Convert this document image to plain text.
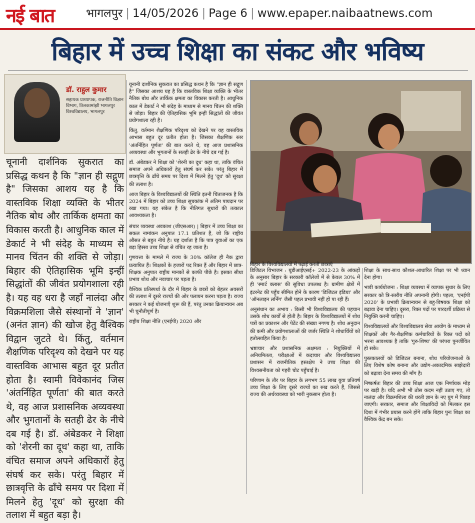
नई बात	भागलपुर | 14/05/2026 | Page 6 | www.epaper.naibaatnews.com
बिहार में उच्च शिक्षा का संकट और भविष्य
डॉ. राहुल कुमार
सहायक प्राध्यापक, राजनीति विज्ञान विभाग, तिलकामांझी भागलपुर विश्वविद्यालय, भागलपुर

चूनानी दार्शनिक सुकरात का प्रसिद्ध कथन है कि "ज्ञान ही सद्गुण है" जिसका आशय यह है कि वास्तविक शिक्षा व्यक्ति के भीतर नैतिक बोध और तार्किक क्षमता का विकास करती है। आधुनिक काल में डेकार्ट ने भी संदेह के माध्यम से मानव चिंतन की शक्ति से जोड़ा। बिहार की ऐतिहासिक भूमि इन्हीं सिद्धांतों की जीवंत प्रयोगशाला रही है। यह वह धरा है जहाँ नालंदा और विक्रमशिला जैसे संस्थानों ने 'ज्ञान' (अनंत ज्ञान) की खोज हेतु वैश्विक विद्वान जुटते थे। किंतु, वर्तमान शैक्षणिक परिदृश्य को देखने पर यह वास्तविक आभास बहुत दूर प्रतीत होता है। स्वामी विवेकानंद जिस 'अंतर्निहित पूर्णता' की बात करते थे, वह आज प्रशासनिक अव्यवस्था और भुगतानों के सतही ढेर के नीचे दब गई है। डॉ. अंबेडकर ने शिक्षा को 'शेरनी का दूध' कहा था, ताकि वंचित समाज अपने अधिकारों हेतु संघर्ष कर सके। परंतु बिहार में छात्रवृत्ति के ढाँचे समय पर दिशा में मिलने हेतु 'दूध' को सुरक्षा की तलाश में बहुत बड़ा है।

यूनानी दार्शनिक सुकरात का प्रसिद्ध कथन है कि "ज्ञान ही सद्गुण है" जिसका आशय यह है कि वास्तविक शिक्षा व्यक्ति के भीतर नैतिक बोध और तार्किक क्षमता का विकास करती है। आधुनिक काल में डेकार्ट ने भी संदेह के माध्यम से मानव चिंतन की शक्ति से जोड़ा। बिहार की ऐतिहासिक भूमि इन्हीं सिद्धांतों की जीवंत प्रयोगशाला रही है।

किंतु, वर्तमान शैक्षणिक परिदृश्य को देखने पर यह वास्तविक आभास बहुत दूर प्रतीत होता है। जिसका शैक्षणिक स्तर 'अंतर्निहित पूर्णता' की बात करते थे, वह आज प्रशासनिक अव्यवस्था और भुगतानों के सतही ढेर के नीचे दब गई है।

डॉ. अंबेडकर ने शिक्षा को 'शेरनी का दूध' कहा था, ताकि वंचित समाज अपने अधिकारों हेतु संघर्ष कर सके। परंतु बिहार में छात्रवृत्ति के ढाँचे समय पर दिशा में मिलने हेतु 'दूध' को सुरक्षा की तलाश है।

आज बिहार के विश्वविद्यालयों की स्थिति इतनी चिंताजनक है कि 2024 में बिहार को उच्च शिक्षा सूचकांक में अंतिम पायदान पर रखा गया। यह संकेत है कि नीतिगत सुधारों की तत्काल आवश्यकता है।

संचार व्यवस्था अवकाश (जीएसआर) | बिहार में उच्च शिक्षा का सकल नामांकन अनुपात 17.1 प्रतिशत है, जो कि राष्ट्रीय औसत से बहुत नीचे है। यह दर्शाता है कि पात्र युवाओं का एक बड़ा हिस्सा उच्च शिक्षा से वंचित रह जाता है।

गुणवत्ता के मामले में राज्य के 30% कॉलेज ही नैक द्वारा प्रत्यायित हैं। शिक्षकों के हजारों पद रिक्त हैं और बिहार में छात्र-शिक्षक अनुपात राष्ट्रीय मानकों से काफी पीछे है। इसका सीधा प्रभाव शोध और नवाचार पर पड़ता है।

वैश्विक प्रतिस्पर्धा के दौर में बिहार के छात्रों को बेहतर अवसरों की तलाश में दूसरे राज्यों की ओर पलायन करना पड़ता है। राज्य सरकार ने कई योजनाएँ शुरू की हैं, परंतु उनका क्रियान्वयन अब भी चुनौतीपूर्ण है।

राष्ट्रीय शिक्षा नीति (एनईपी) 2020 और

बिहार के विश्वविद्यालयों में पढ़ाई करतीं छात्राएँ

डिजिटल विभाजन : यूडीआईएसई+ 2022-23 के आंकड़ों के अनुसार बिहार के सरकारी कॉलेजों में से केवल 30% में ही 'स्मार्ट क्लास' की सुविधा उपलब्ध है। ग्रामीण क्षेत्रों में इंटरनेट की पहुँच सीमित होने के कारण 'डिजिटल इंडिया' और 'ऑनलाइन लर्निंग' जैसी पहल प्रभावी नहीं हो पा रही हैं।

अनुसंधान का अभाव : किसी भी विश्वविद्यालय की पहचान उसके शोध कार्यों से होती है। बिहार के विश्वविद्यालयों में शोध पत्रों का प्रकाशन और पेटेंट की संख्या नगण्य है। शोध अनुदान की कमी और प्रयोगशालाओं की जर्जर स्थिति ने शोधार्थियों को हतोत्साहित किया है।

भ्रष्टाचार और प्रशासनिक अक्षमता : नियुक्तियों में अनियमितता, परीक्षाओं में कदाचार और विश्वविद्यालय प्रशासन में राजनीतिक हस्तक्षेप ने उच्च शिक्षा की विश्वसनीयता को गहरी चोट पहुँचाई है।

परिणाम के तौर पर बिहार के लगभग 55 लाख युवा प्रतिवर्ष उच्च शिक्षा के लिए दूसरे राज्यों का रुख करते हैं, जिससे राज्य की अर्थव्यवस्था को भारी नुकसान होता है।

शिक्षा के साथ-साथ कौशल-आधारित शिक्षा पर भी ध्यान देना होगा।

भावी कार्ययोजना : शिक्षा व्यवस्था में व्यापक सुधार के लिए सरकार को त्रि-स्तरीय नीति अपनानी होगी। पहला, 'एनईपी 2020' के प्रभावी क्रियान्वयन से बहु-विषयक शिक्षा को बढ़ावा देना चाहिए। दूसरा, रिक्त पदों पर पारदर्शी प्रक्रिया से नियुक्ति करनी चाहिए।

विश्वविद्यालयों और विश्वविद्यालय सेवा आयोग के माध्यम से शिक्षकों और गैर-शैक्षणिक कर्मचारियों के रिक्त पदों को भरना आवश्यक है ताकि 'गुरु-शिष्य' की परंपरा पुनर्जीवित हो सके।

पुस्तकालयों को डिजिटल बनाना, शोध परियोजनाओं के लिए विशेष कोष बनाना और उद्योग-अकादमिक साझेदारी को बढ़ावा देना समय की माँग है।

निष्कर्षतः बिहार की उच्च शिक्षा आज एक निर्णायक मोड़ पर खड़ी है। यदि अभी भी ठोस कदम नहीं उठाए गए, तो नालंदा और विक्रमशिला की धरती ज्ञान के नए युग में पिछड़ जाएगी। सरकार, समाज और शिक्षाविदों को मिलकर इस दिशा में गंभीर प्रयास करने होंगे ताकि बिहार पुनः शिक्षा का वैश्विक केंद्र बन सके।
